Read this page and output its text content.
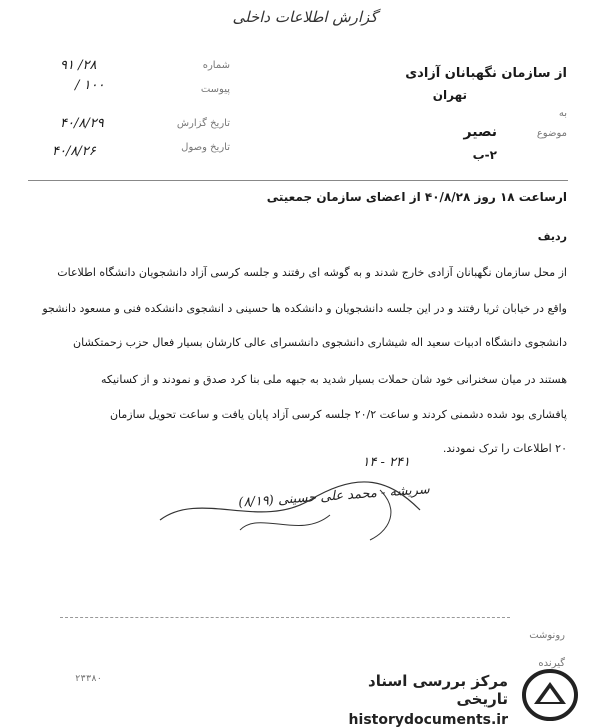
گزارش اطلاعات داخلی
شماره
۲۸/ ۹۱
۱۰۰ /	پیوست
تاریخ گزارش
۴۰/۸/۲۹
تاریخ وصول
۴۰/۸/۲۶
از سازمان نگهبانان آزادی
تهران
به
موضوع
نصیر
۲-ب
ارساعت ۱۸ روز ۴۰/۸/۲۸ از اعضای سازمان جمعیتی
ردیف
از محل سازمان نگهبانان آزادی خارج شدند و به گوشه ای رفتند و جلسه کرسی آزاد دانشجویان دانشگاه اطلاعات
واقع در خیابان ثریا رفتند و در این جلسه دانشجویان و دانشکده ها حسینی د انشجوی دانشکده فنی و مسعود دانشجو
دانشجوی دانشگاه ادبیات سعید اله شیشاری دانشجوی دانشسرای عالی کارشان بسیار فعال حزب زحمتکشان
هستند در میان سخنرانی خود شان حملات بسیار شدید به جبهه ملی بنا کرد صدق و نمودند و از کسانیکه
پافشاری بود شده دشمنی کردند و ساعت ۲۰/۲ جلسه کرسی آزاد پایان یافت و ساعت تحویل سازمان
۲۰ اطلاعات را ترک نمودند.
۲۴۱ - ۱۴
سریشه - محمد علی حسینی (۸/۱۹)
رونوشت
گیرنده
۲۳۳۸۰	مرکز بررسی اسناد تاریخی
historydocuments.ir
